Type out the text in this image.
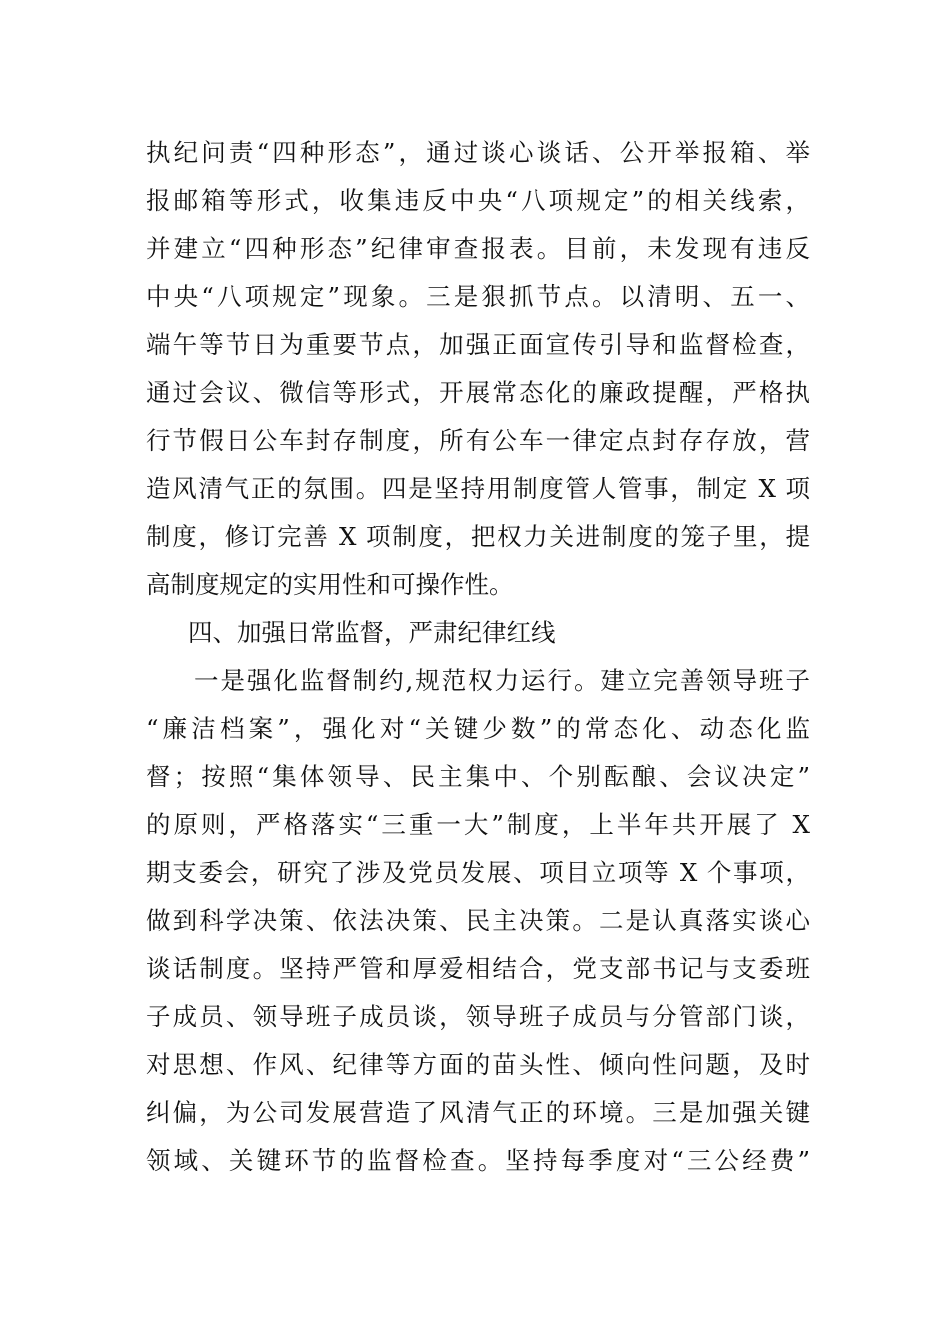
执纪问责“四种形态”，通过谈心谈话、公开举报箱、举
报邮箱等形式，收集违反中央“八项规定”的相关线索，
并建立“四种形态”纪律审查报表。目前，未发现有违反
中央“八项规定”现象。三是狠抓节点。以清明、五一、
端午等节日为重要节点，加强正面宣传引导和监督检查，
通过会议、微信等形式，开展常态化的廉政提醒，严格执
行节假日公车封存制度，所有公车一律定点封存存放，营
造风清气正的氛围。四是坚持用制度管人管事，制定 X 项
制度，修订完善 X 项制度，把权力关进制度的笼子里，提
高制度规定的实用性和可操作性。
四、加强日常监督，严肃纪律红线
一是强化监督制约,规范权力运行。建立完善领导班子
“廉洁档案”，强化对“关键少数”的常态化、动态化监
督；按照“集体领导、民主集中、个别酝酿、会议决定”
的原则，严格落实“三重一大”制度，上半年共开展了 X
期支委会，研究了涉及党员发展、项目立项等 X 个事项，
做到科学决策、依法决策、民主决策。二是认真落实谈心
谈话制度。坚持严管和厚爱相结合，党支部书记与支委班
子成员、领导班子成员谈，领导班子成员与分管部门谈，
对思想、作风、纪律等方面的苗头性、倾向性问题，及时
纠偏，为公司发展营造了风清气正的环境。三是加强关键
领域、关键环节的监督检查。坚持每季度对“三公经费”
